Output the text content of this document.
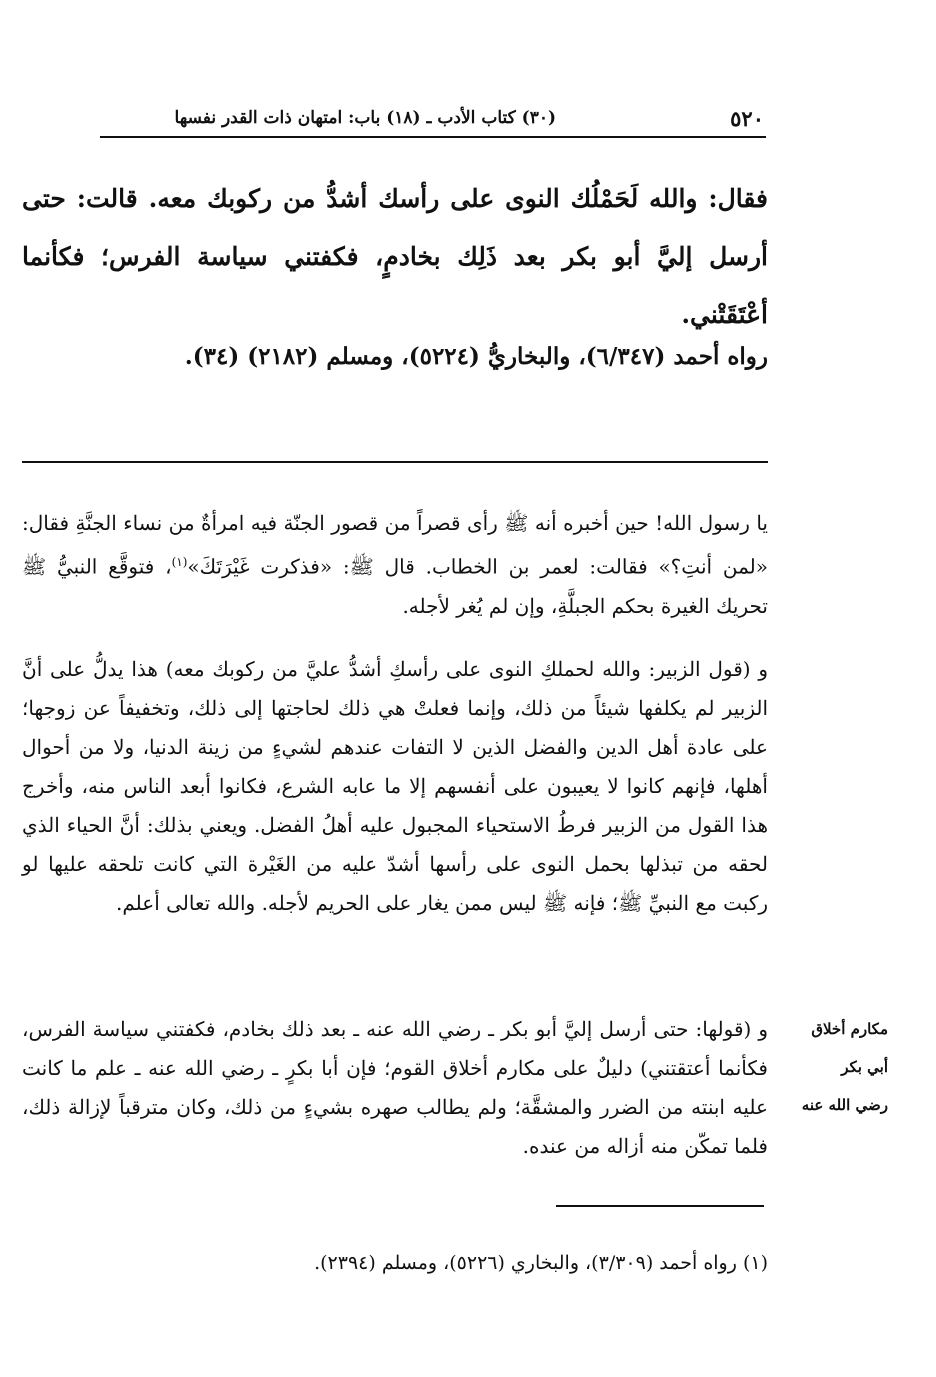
٥٢٠
(٣٠) كتاب الأدب ـ (١٨) باب: امتهان ذات القدر نفسها

فقال: والله لَحَمْلُك النوى على رأسك أشدُّ من ركوبك معه. قالت: حتى أرسل إليَّ أبو بكر بعد ذَلِك بخادمٍ، فكفتني سياسة الفرس؛ فكأنما أعْتَقَتْني.

رواه أحمد (٦/٣٤٧)، والبخاريُّ (٥٢٢٤)، ومسلم (٢١٨٢) (٣٤).

يا رسول الله! حين أخبره أنه ﷺ رأى قصراً من قصور الجنّة فيه امرأةٌ من نساء الجنَّةِ فقال: «لمن أنتِ؟» فقالت: لعمر بن الخطاب. قال ﷺ: «فذكرت غَيْرَتَكَ»$^{(١)}$، فتوقَّع النبيُّ ﷺ تحريك الغيرة بحكم الجبلَّةِ، وإن لم يُغر لأجله.

و (قول الزبير: والله لحملكِ النوى على رأسكِ أشدُّ عليَّ من ركوبك معه) هذا يدلُّ على أنَّ الزبير لم يكلفها شيئاً من ذلك، وإنما فعلتْ هي ذلك لحاجتها إلى ذلك، وتخفيفاً عن زوجها؛ على عادة أهل الدين والفضل الذين لا التفات عندهم لشيءٍ من زينة الدنيا، ولا من أحوال أهلها، فإنهم كانوا لا يعيبون على أنفسهم إلا ما عابه الشرع، فكانوا أبعد الناس منه، وأخرج هذا القول من الزبير فرطُ الاستحياء المجبول عليه أهلُ الفضل. ويعني بذلك: أنَّ الحياء الذي لحقه من تبذلها بحمل النوى على رأسها أشدّ عليه من الغَيْرة التي كانت تلحقه عليها لو ركبت مع النبيِّ ﷺ؛ فإنه ﷺ ليس ممن يغار على الحريم لأجله. والله تعالى أعلم.

مكارم أخلاق
أبي بكر
رضي الله عنه

و (قولها: حتى أرسل إليَّ أبو بكر ـ رضي الله عنه ـ بعد ذلك بخادم، فكفتني سياسة الفرس، فكأنما أعتقتني) دليلٌ على مكارم أخلاق القوم؛ فإن أبا بكرٍ ـ رضي الله عنه ـ علم ما كانت عليه ابنته من الضرر والمشقَّة؛ ولم يطالب صهره بشيءٍ من ذلك، وكان مترقباً لإزالة ذلك، فلما تمكّن منه أزاله من عنده.

(١) رواه أحمد (٣/٣٠٩)، والبخاري (٥٢٢٦)، ومسلم (٢٣٩٤).
